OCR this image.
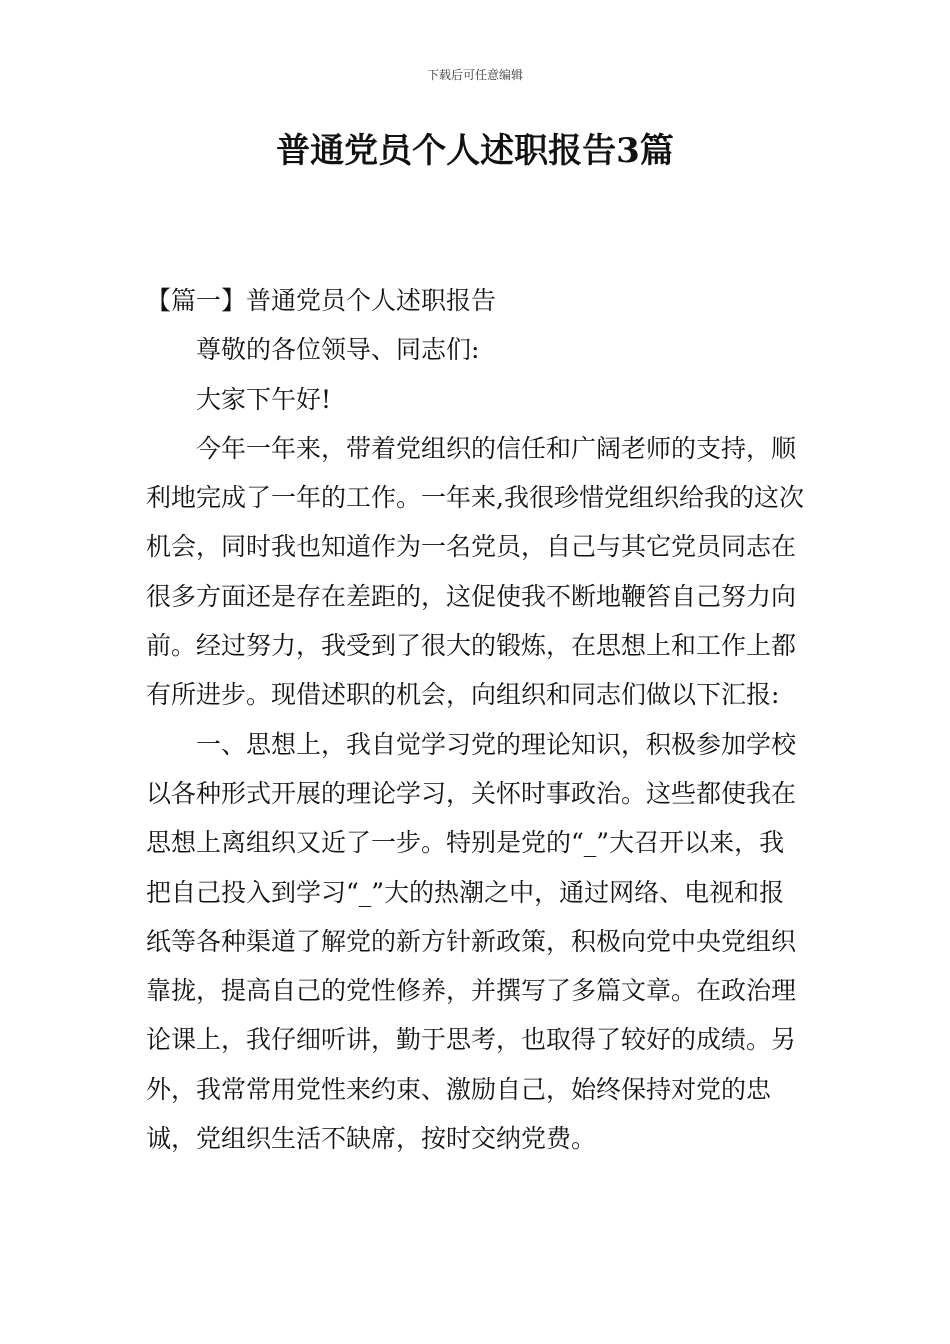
下载后可任意编辑
普通党员个人述职报告3篇

【篇一】普通党员个人述职报告

尊敬的各位领导、同志们:

大家下午好!

今年一年来，带着党组织的信任和广阔老师的支持，顺利地完成了一年的工作。一年来,我很珍惜党组织给我的这次机会，同时我也知道作为一名党员，自己与其它党员同志在很多方面还是存在差距的，这促使我不断地鞭笞自己努力向前。经过努力，我受到了很大的锻炼，在思想上和工作上都有所进步。现借述职的机会，向组织和同志们做以下汇报:

一、思想上，我自觉学习党的理论知识，积极参加学校以各种形式开展的理论学习，关怀时事政治。这些都使我在思想上离组织又近了一步。特别是党的“_”大召开以来，我把自己投入到学习“_”大的热潮之中，通过网络、电视和报纸等各种渠道了解党的新方针新政策，积极向党中央党组织靠拢，提高自己的党性修养，并撰写了多篇文章。在政治理论课上，我仔细听讲，勤于思考，也取得了较好的成绩。另外，我常常用党性来约束、激励自己，始终保持对党的忠诚，党组织生活不缺席，按时交纳党费。
